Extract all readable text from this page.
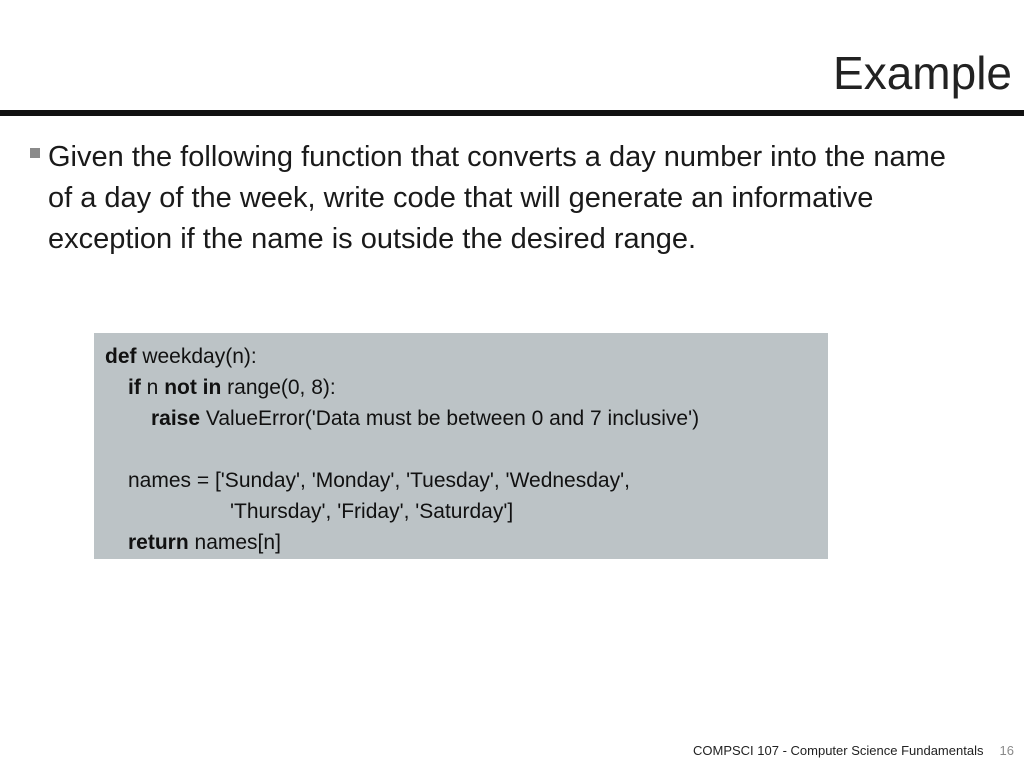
Example
Given the following function that converts a day number into the name of a day of the week, write code that will generate an informative exception if the name is outside the desired range.
def weekday(n):
if n not in range(0, 8):
raise ValueError('Data must be between 0 and 7 inclusive')
names = ['Sunday', 'Monday', 'Tuesday', 'Wednesday',
'Thursday', 'Friday', 'Saturday']
return names[n]
COMPSCI 107 - Computer Science Fundamentals 16
